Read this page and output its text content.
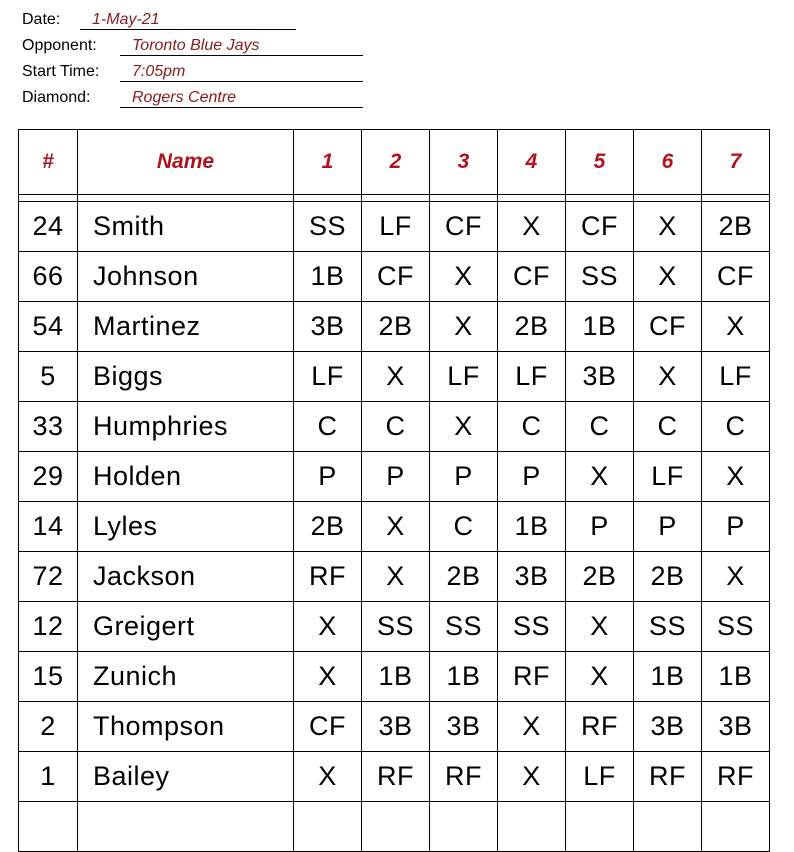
Date:	1-May-21
Opponent:	Toronto Blue Jays
Start Time:	7:05pm
Diamond:	Rogers Centre
#	Name	1	2	3	4	5	6	7

24	Smith	SS	LF	CF	X	CF	X	2B
66	Johnson	1B	CF	X	CF	SS	X	CF
54	Martinez	3B	2B	X	2B	1B	CF	X
5	Biggs	LF	X	LF	LF	3B	X	LF
33	Humphries	C	C	X	C	C	C	C
29	Holden	P	P	P	P	X	LF	X
14	Lyles	2B	X	C	1B	P	P	P
72	Jackson	RF	X	2B	3B	2B	2B	X
12	Greigert	X	SS	SS	SS	X	SS	SS
15	Zunich	X	1B	1B	RF	X	1B	1B
2	Thompson	CF	3B	3B	X	RF	3B	3B
1	Bailey	X	RF	RF	X	LF	RF	RF
